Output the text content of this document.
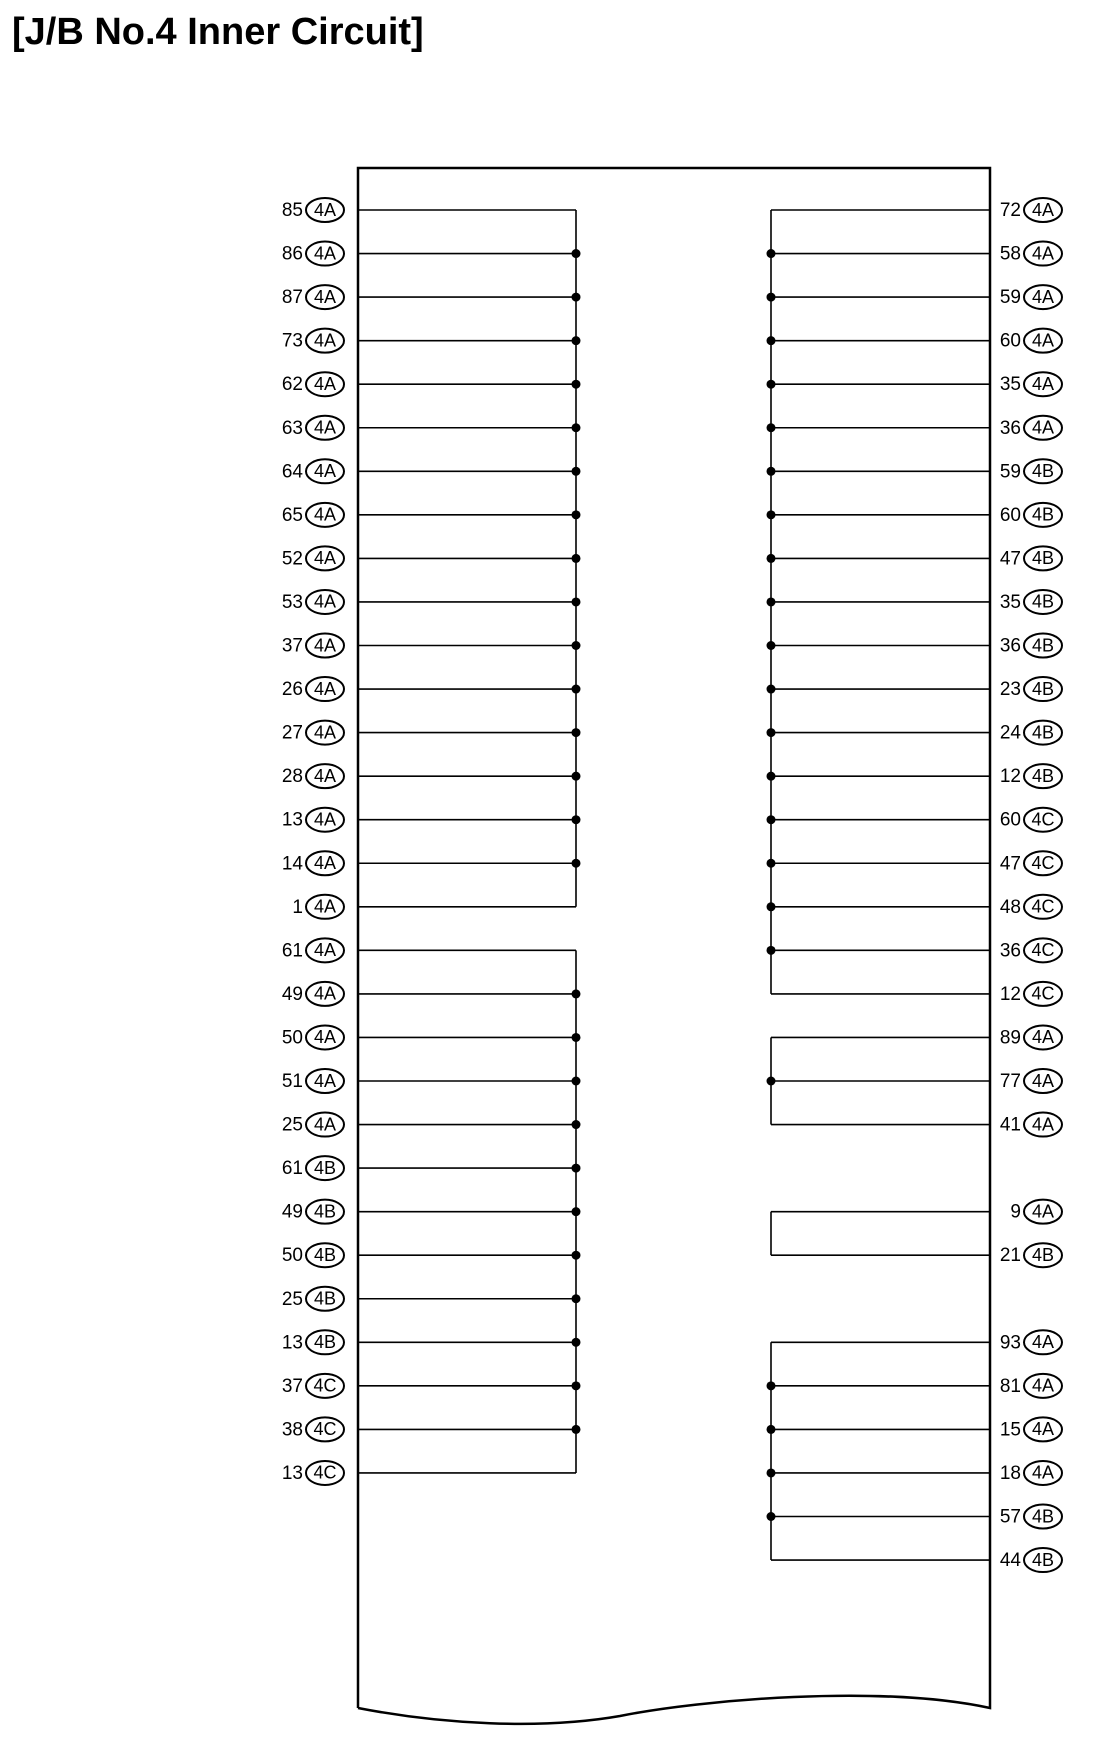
[J/B No.4 Inner Circuit]
85 4A
86 4A
87 4A
73 4A
62 4A
63 4A
64 4A
65 4A
52 4A
53 4A
37 4A
26 4A
27 4A
28 4A
13 4A
14 4A
1 4A
61 4A
49 4A
50 4A
51 4A
25 4A
61 4B
49 4B
50 4B
25 4B
13 4B
37 4C
38 4C
13 4C
72 4A
58 4A
59 4A
60 4A
35 4A
36 4A
59 4B
60 4B
47 4B
35 4B
36 4B
23 4B
24 4B
12 4B
60 4C
47 4C
48 4C
36 4C
12 4C
89 4A
77 4A
41 4A
9 4A
21 4B
93 4A
81 4A
15 4A
18 4A
57 4B
44 4B
